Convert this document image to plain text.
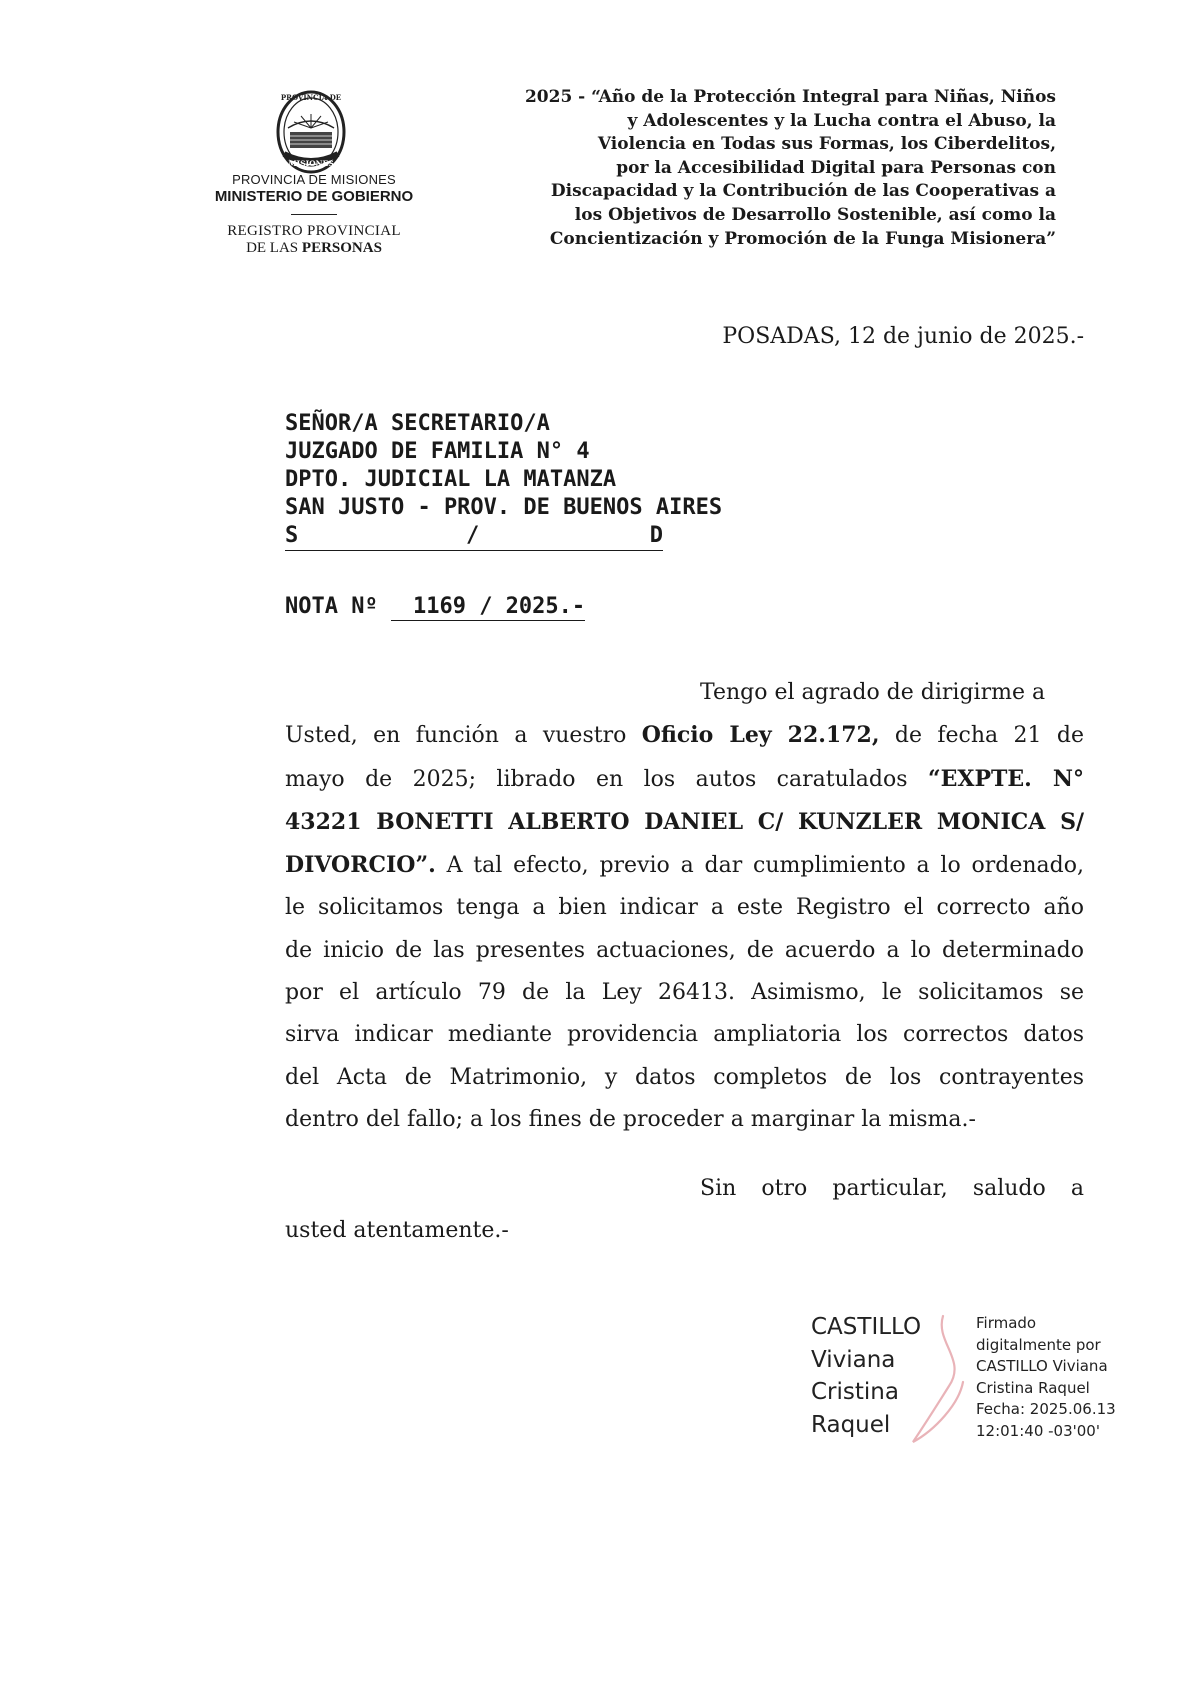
PROVINCIA DE
MISIONES
PROVINCIA DE MISIONES
MINISTERIO DE GOBIERNO
REGISTRO PROVINCIAL
DE LAS PERSONAS
2025 - “Año de la Protección Integral para Niñas, Niños
y Adolescentes y la Lucha contra el Abuso, la
Violencia en Todas sus Formas, los Ciberdelitos,
por la Accesibilidad Digital para Personas con
Discapacidad y la Contribución de las Cooperativas a
los Objetivos de Desarrollo Sostenible, así como la
Concientización y Promoción de la Funga Misionera”
POSADAS, 12 de junio de 2025.-
SEÑOR/A SECRETARIO/A
JUZGADO DE FAMILIA N° 4
DPTO. JUDICIAL LA MATANZA
SAN JUSTO - PROV. DE BUENOS AIRES
S	/	D
NOTA Nº 1169 / 2025.-
Tengo el agrado de dirigirme a
Usted, en función a vuestro Oficio Ley 22.172, de fecha 21 de
mayo de 2025; librado en los autos caratulados “EXPTE. N°
43221 BONETTI ALBERTO DANIEL C/ KUNZLER MONICA S/
DIVORCIO”. A tal efecto, previo a dar cumplimiento a lo ordenado,
le solicitamos tenga a bien indicar a este Registro el correcto año
de inicio de las presentes actuaciones, de acuerdo a lo determinado
por el artículo 79 de la Ley 26413. Asimismo, le solicitamos se
sirva indicar mediante providencia ampliatoria los correctos datos
del Acta de Matrimonio, y datos completos de los contrayentes
dentro del fallo; a los fines de proceder a marginar la misma.-
Sin otro particular, saludo a
usted atentamente.-
CASTILLO
Viviana
Cristina
Raquel
Firmado
digitalmente por
CASTILLO Viviana
Cristina Raquel
Fecha: 2025.06.13
12:01:40 -03'00'
